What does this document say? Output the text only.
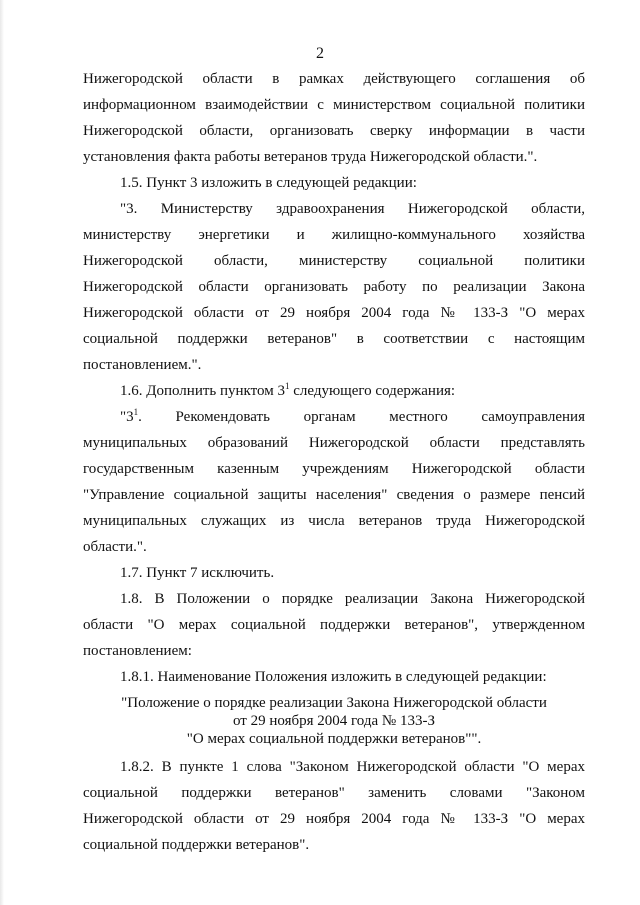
2
Нижегородской области в рамках действующего соглашения об
информационном взаимодействии с министерством социальной политики
Нижегородской области, организовать сверку информации в части
установления факта работы ветеранов труда Нижегородской области.".
1.5. Пункт 3 изложить в следующей редакции:
"3. Министерству здравоохранения Нижегородской области,
министерству энергетики и жилищно-коммунального хозяйства
Нижегородской области, министерству социальной политики
Нижегородской области организовать работу по реализации Закона
Нижегородской области от 29 ноября 2004 года № 133-З "О мерах
социальной поддержки ветеранов" в соответствии с настоящим
постановлением.".
1.6. Дополнить пунктом $3^1$ следующего содержания:
"$3^1$. Рекомендовать органам местного самоуправления
муниципальных образований Нижегородской области представлять
государственным казенным учреждениям Нижегородской области
"Управление социальной защиты населения" сведения о размере пенсий
муниципальных служащих из числа ветеранов труда Нижегородской
области.".
1.7. Пункт 7 исключить.
1.8. В Положении о порядке реализации Закона Нижегородской
области "О мерах социальной поддержки ветеранов", утвержденном
постановлением:
1.8.1. Наименование Положения изложить в следующей редакции:
"Положение о порядке реализации Закона Нижегородской области
от 29 ноября 2004 года № 133-З
"О мерах социальной поддержки ветеранов"".
1.8.2. В пункте 1 слова "Законом Нижегородской области "О мерах
социальной поддержки ветеранов" заменить словами "Законом
Нижегородской области от 29 ноября 2004 года № 133-З "О мерах
социальной поддержки ветеранов".
